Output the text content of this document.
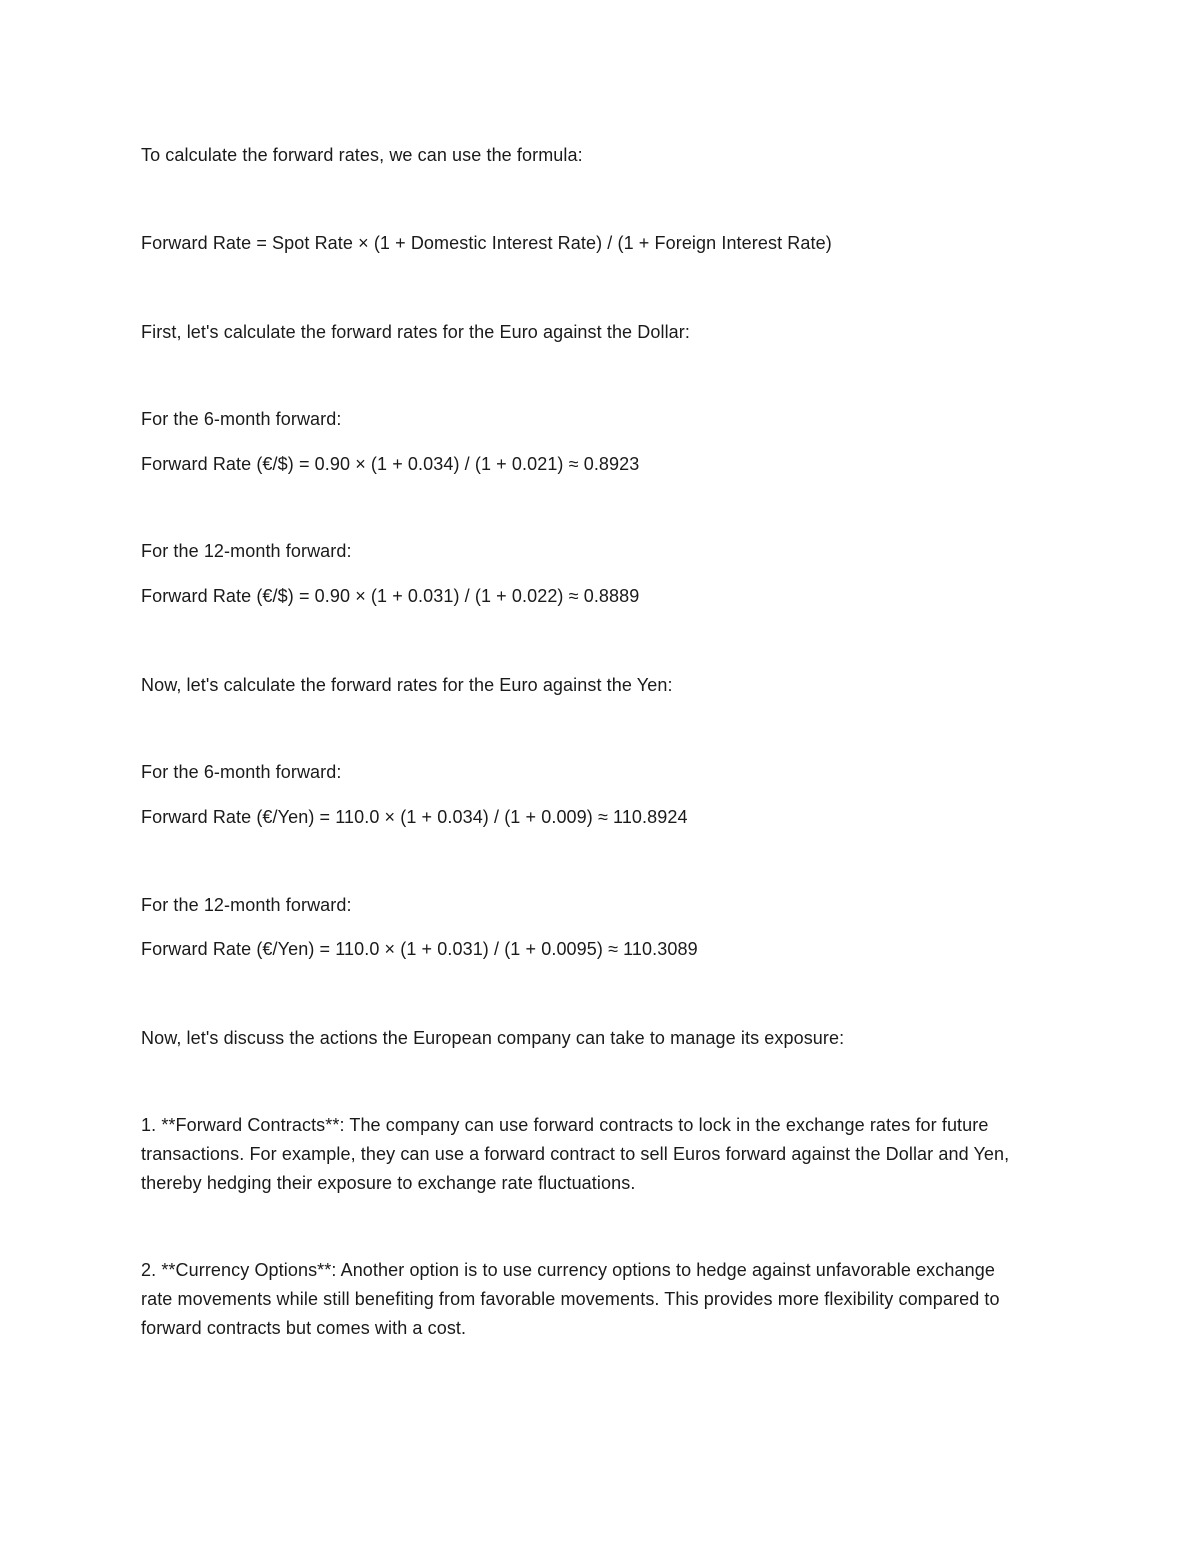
To calculate the forward rates, we can use the formula:
Forward Rate = Spot Rate × (1 + Domestic Interest Rate) / (1 + Foreign Interest Rate)
First, let's calculate the forward rates for the Euro against the Dollar:
For the 6-month forward:
Forward Rate (€/$) = 0.90 × (1 + 0.034) / (1 + 0.021) ≈ 0.8923
For the 12-month forward:
Forward Rate (€/$) = 0.90 × (1 + 0.031) / (1 + 0.022) ≈ 0.8889
Now, let's calculate the forward rates for the Euro against the Yen:
For the 6-month forward:
Forward Rate (€/Yen) = 110.0 × (1 + 0.034) / (1 + 0.009) ≈ 110.8924
For the 12-month forward:
Forward Rate (€/Yen) = 110.0 × (1 + 0.031) / (1 + 0.0095) ≈ 110.3089
Now, let's discuss the actions the European company can take to manage its exposure:
1. **Forward Contracts**: The company can use forward contracts to lock in the exchange rates for future transactions. For example, they can use a forward contract to sell Euros forward against the Dollar and Yen, thereby hedging their exposure to exchange rate fluctuations.
2. **Currency Options**: Another option is to use currency options to hedge against unfavorable exchange rate movements while still benefiting from favorable movements. This provides more flexibility compared to forward contracts but comes with a cost.
